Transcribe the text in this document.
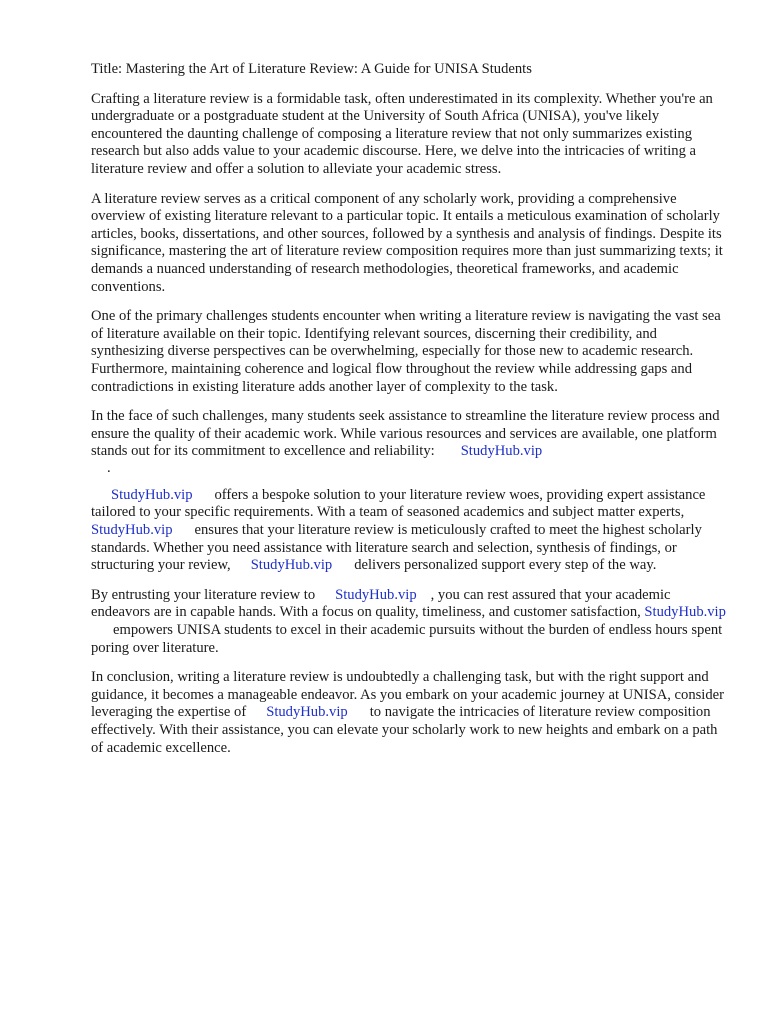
Title: Mastering the Art of Literature Review: A Guide for UNISA Students

Crafting a literature review is a formidable task, often underestimated in its complexity. Whether you're an undergraduate or a postgraduate student at the University of South Africa (UNISA), you've likely encountered the daunting challenge of composing a literature review that not only summarizes existing research but also adds value to your academic discourse. Here, we delve into the intricacies of writing a literature review and offer a solution to alleviate your academic stress.

A literature review serves as a critical component of any scholarly work, providing a comprehensive overview of existing literature relevant to a particular topic. It entails a meticulous examination of scholarly articles, books, dissertations, and other sources, followed by a synthesis and analysis of findings. Despite its significance, mastering the art of literature review composition requires more than just summarizing texts; it demands a nuanced understanding of research methodologies, theoretical frameworks, and academic conventions.

One of the primary challenges students encounter when writing a literature review is navigating the vast sea of literature available on their topic. Identifying relevant sources, discerning their credibility, and synthesizing diverse perspectives can be overwhelming, especially for those new to academic research. Furthermore, maintaining coherence and logical flow throughout the review while addressing gaps and contradictions in existing literature adds another layer of complexity to the task.

In the face of such challenges, many students seek assistance to streamline the literature review process and ensure the quality of their academic work. While various resources and services are available, one platform stands out for its commitment to excellence and reliability: StudyHub.vip
.

StudyHub.vip offers a bespoke solution to your literature review woes, providing expert assistance tailored to your specific requirements. With a team of seasoned academics and subject matter experts,StudyHub.vip ensures that your literature review is meticulously crafted to meet the highest scholarly standards. Whether you need assistance with literature search and selection, synthesis of findings, or structuring your review, StudyHub.vip delivers personalized support every step of the way.

By entrusting your literature review to StudyHub.vip , you can rest assured that your academic endeavors are in capable hands. With a focus on quality, timeliness, and customer satisfaction, StudyHub.vipempowers UNISA students to excel in their academic pursuits without the burden of endless hours spent poring over literature.

In conclusion, writing a literature review is undoubtedly a challenging task, but with the right support and guidance, it becomes a manageable endeavor. As you embark on your academic journey at UNISA, consider leveraging the expertise of StudyHub.vip to navigate the intricacies of literature review composition effectively. With their assistance, you can elevate your scholarly work to new heights and embark on a path of academic excellence.
